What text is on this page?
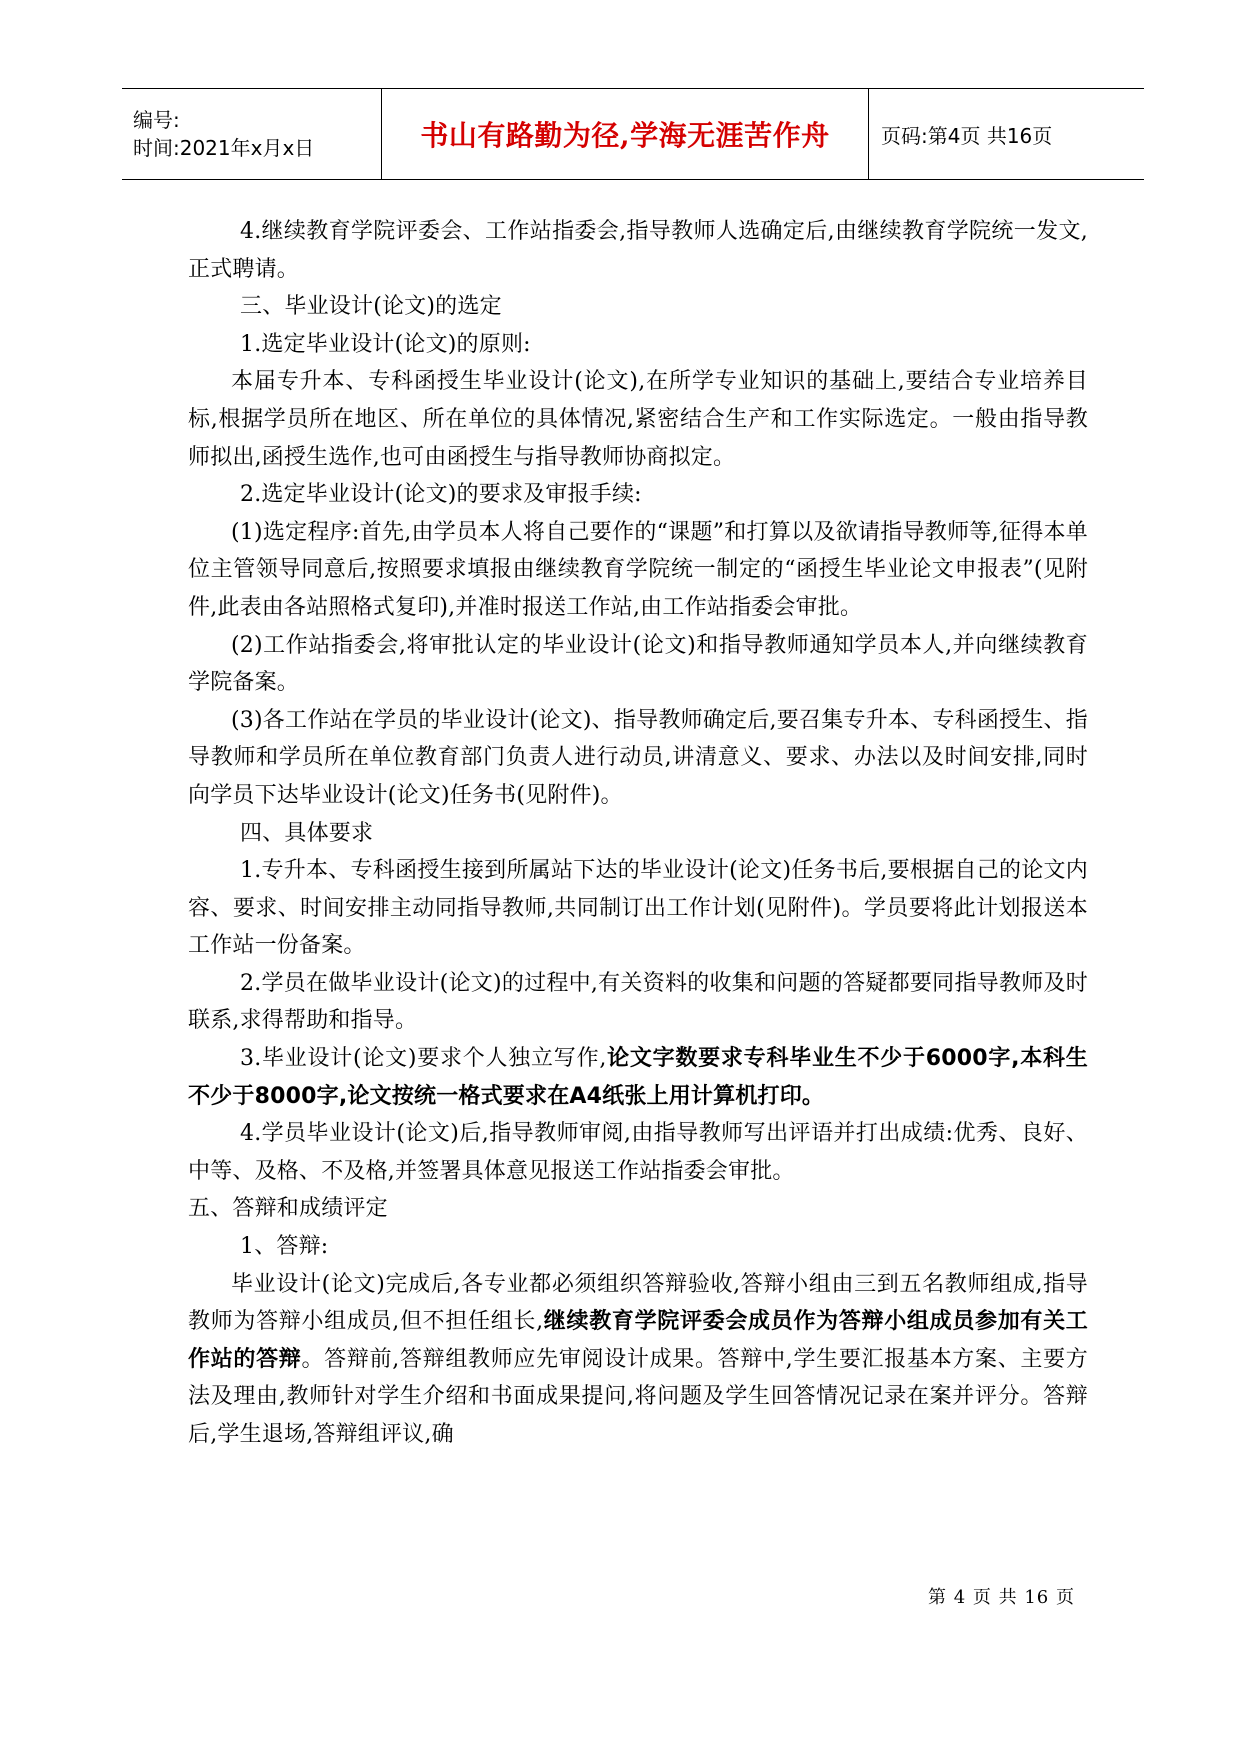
编号:
时间:2021年x月x日	书山有路勤为径,学海无涯苦作舟	页码:第4页 共16页

4.继续教育学院评委会、工作站指委会,指导教师人选确定后,由继续教育学院统一发文,正式聘请。

三、毕业设计(论文)的选定

1.选定毕业设计(论文)的原则:

本届专升本、专科函授生毕业设计(论文),在所学专业知识的基础上,要结合专业培养目标,根据学员所在地区、所在单位的具体情况,紧密结合生产和工作实际选定。一般由指导教师拟出,函授生选作,也可由函授生与指导教师协商拟定。

2.选定毕业设计(论文)的要求及审报手续:

(1)选定程序:首先,由学员本人将自己要作的“课题”和打算以及欲请指导教师等,征得本单位主管领导同意后,按照要求填报由继续教育学院统一制定的“函授生毕业论文申报表”(见附件,此表由各站照格式复印),并准时报送工作站,由工作站指委会审批。

(2)工作站指委会,将审批认定的毕业设计(论文)和指导教师通知学员本人,并向继续教育学院备案。

(3)各工作站在学员的毕业设计(论文)、指导教师确定后,要召集专升本、专科函授生、指导教师和学员所在单位教育部门负责人进行动员,讲清意义、要求、办法以及时间安排,同时向学员下达毕业设计(论文)任务书(见附件)。

四、具体要求

1.专升本、专科函授生接到所属站下达的毕业设计(论文)任务书后,要根据自己的论文内容、要求、时间安排主动同指导教师,共同制订出工作计划(见附件)。学员要将此计划报送本工作站一份备案。

2.学员在做毕业设计(论文)的过程中,有关资料的收集和问题的答疑都要同指导教师及时联系,求得帮助和指导。

3.毕业设计(论文)要求个人独立写作,论文字数要求专科毕业生不少于6000字,本科生不少于8000字,论文按统一格式要求在A4纸张上用计算机打印。

4.学员毕业设计(论文)后,指导教师审阅,由指导教师写出评语并打出成绩:优秀、良好、中等、及格、不及格,并签署具体意见报送工作站指委会审批。

五、答辩和成绩评定

1、答辩:

毕业设计(论文)完成后,各专业都必须组织答辩验收,答辩小组由三到五名教师组成,指导教师为答辩小组成员,但不担任组长,继续教育学院评委会成员作为答辩小组成员参加有关工作站的答辩。答辩前,答辩组教师应先审阅设计成果。答辩中,学生要汇报基本方案、主要方法及理由,教师针对学生介绍和书面成果提问,将问题及学生回答情况记录在案并评分。答辩后,学生退场,答辩组评议,确

第 4 页 共 16 页
